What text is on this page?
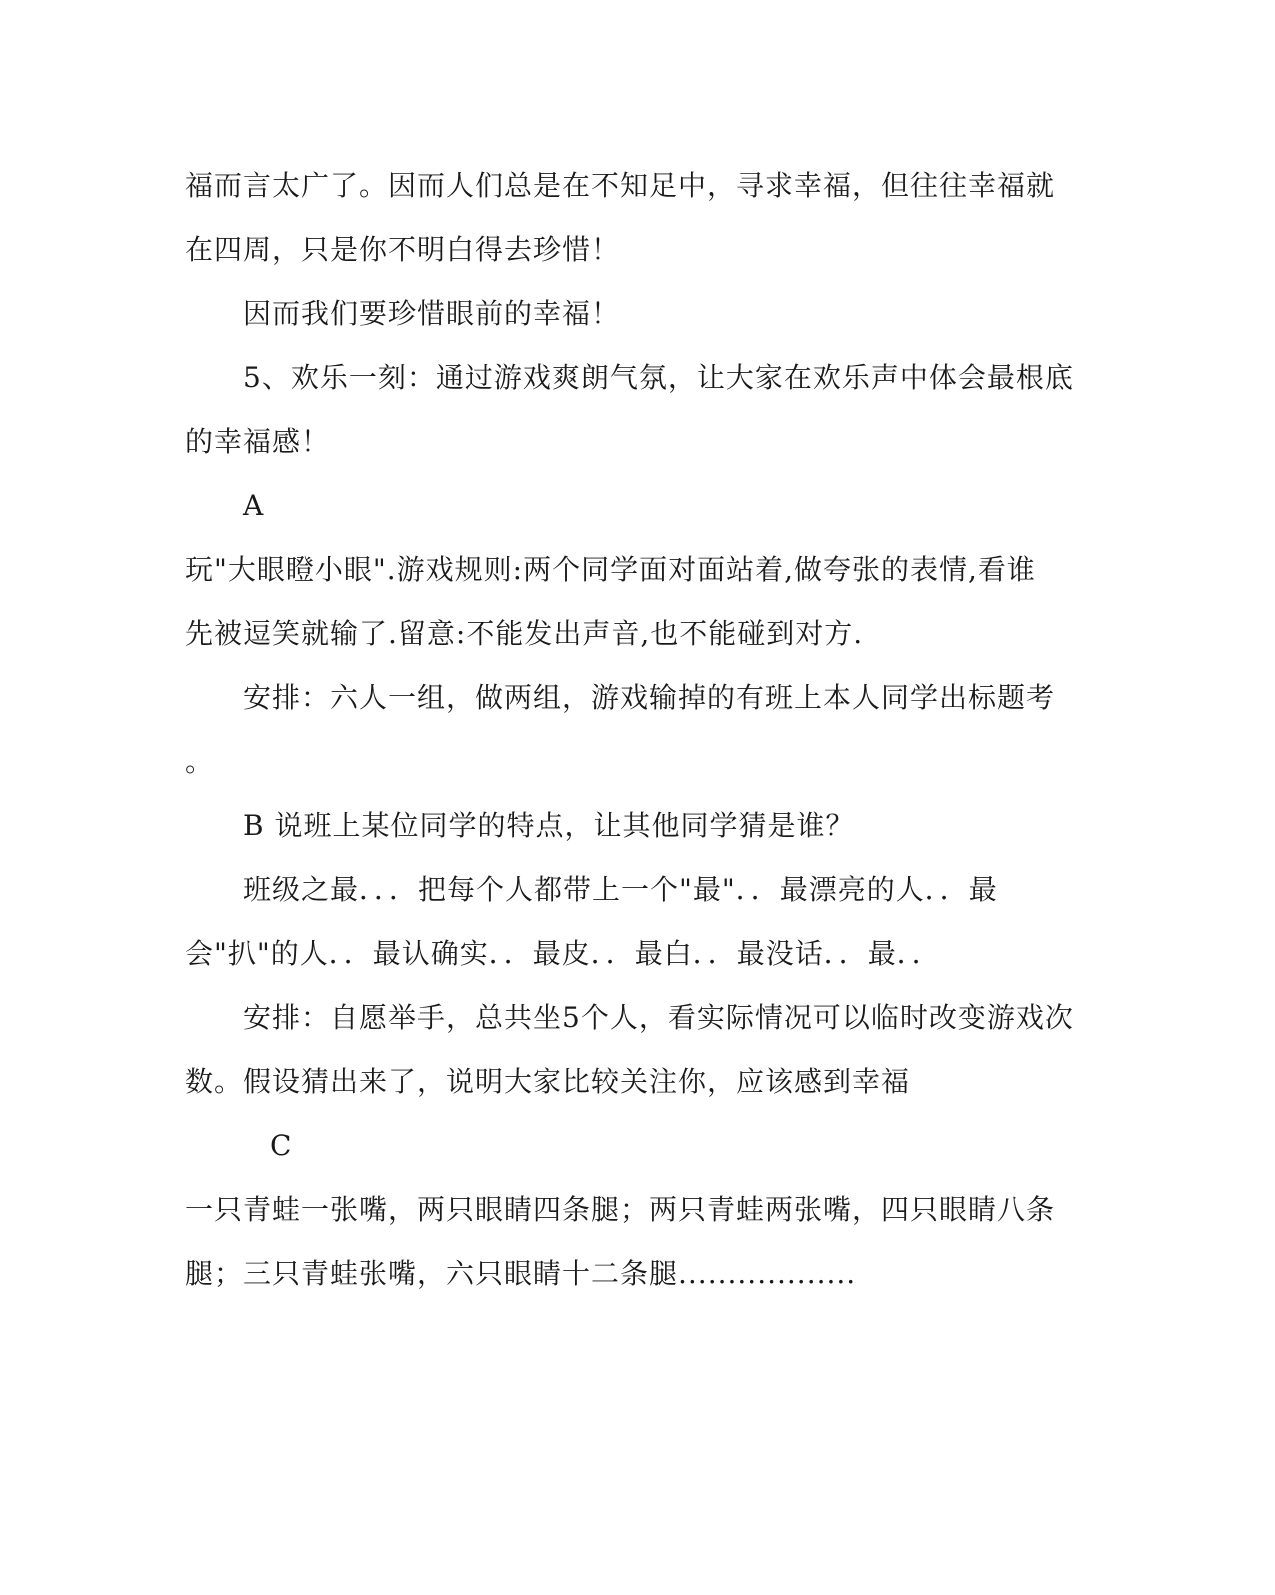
福而言太广了。因而人们总是在不知足中，寻求幸福，但往往幸福就
在四周，只是你不明白得去珍惜！
因而我们要珍惜眼前的幸福！
5、欢乐一刻：通过游戏爽朗气氛，让大家在欢乐声中体会最根底
的幸福感！
A
玩"大眼瞪小眼".游戏规则:两个同学面对面站着,做夸张的表情,看谁
先被逗笑就输了.留意:不能发出声音,也不能碰到对方.
安排：六人一组，做两组，游戏输掉的有班上本人同学出标题考
。
B 说班上某位同学的特点，让其他同学猜是谁？
班级之最．．．把每个人都带上一个"最"．．最漂亮的人．．最
会"扒"的人．．最认确实．．最皮．．最白．．最没话．．最．．
安排：自愿举手，总共坐5个人，看实际情况可以临时改变游戏次
数。假设猜出来了，说明大家比较关注你，应该感到幸福
C
一只青蛙一张嘴，两只眼睛四条腿；两只青蛙两张嘴，四只眼睛八条
腿；三只青蛙张嘴，六只眼睛十二条腿..................
